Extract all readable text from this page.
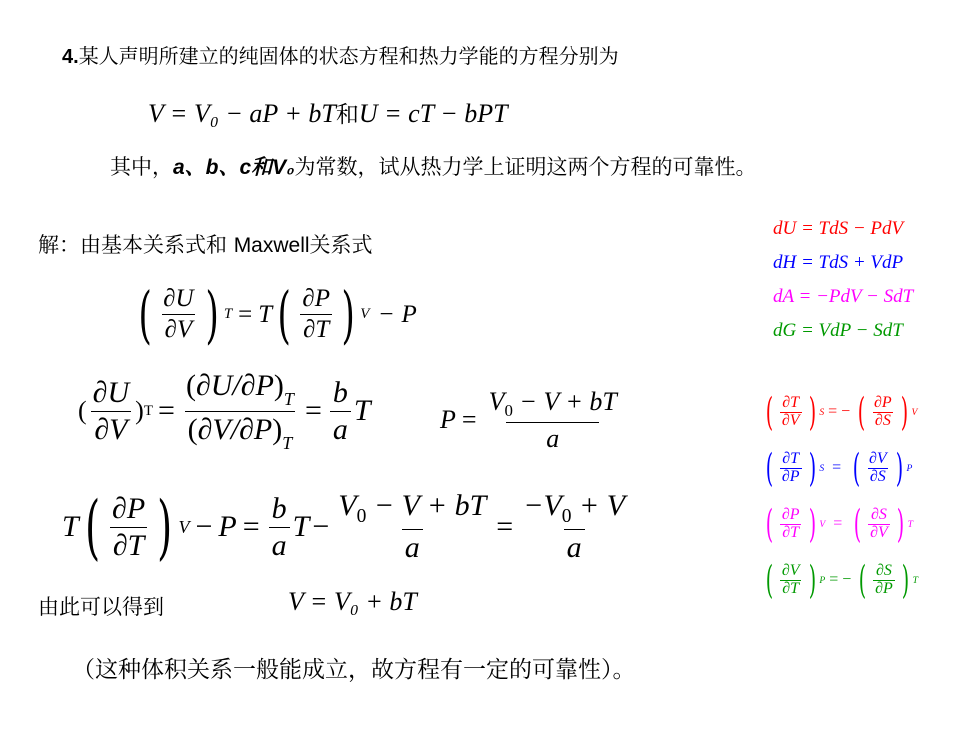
4.某人声明所建立的纯固体的状态方程和热力学能的方程分别为
V = V₀ − aP + bT和U = cT − bPT
其中，a、b、c和V₀为常数，试从热力学上证明这两个方程的可靠性。
解：由基本关系式和 Maxwell关系式
( $\frac{\partial U}{\partial V}$ ) T = T ( $\frac{\partial P}{\partial T}$ ) V − P
( $\frac{\partial U}{\partial V}$ ) $T = \frac{(\partial U/\partial P)_T}{(\partial V/\partial P)_T} = \frac{b}{a}$ T	$P = \frac{V_0 - V + bT}{a}$
T ( $\frac{\partial P}{\partial T}$ ) $V - P = \frac{b}{a}$ $T - \frac{V_0 - V + bT}{a} = \frac{-V_0 + V}{a}$
由此可以得到	V = V₀ + bT
（这种体积关系一般能成立，故方程有一定的可靠性）。
dU = TdS − PdV
dH = TdS + VdP
dA = −PdV − SdT
dG = VdP − SdT
( $\frac{\partial T}{\partial V}$ ) S = − ( $\frac{\partial P}{\partial S}$ ) V
( $\frac{\partial T}{\partial P}$ ) S = ( $\frac{\partial V}{\partial S}$ ) P
( $\frac{\partial P}{\partial T}$ ) V = ( $\frac{\partial S}{\partial V}$ ) T
( $\frac{\partial V}{\partial T}$ ) P = − ( $\frac{\partial S}{\partial P}$ ) T
